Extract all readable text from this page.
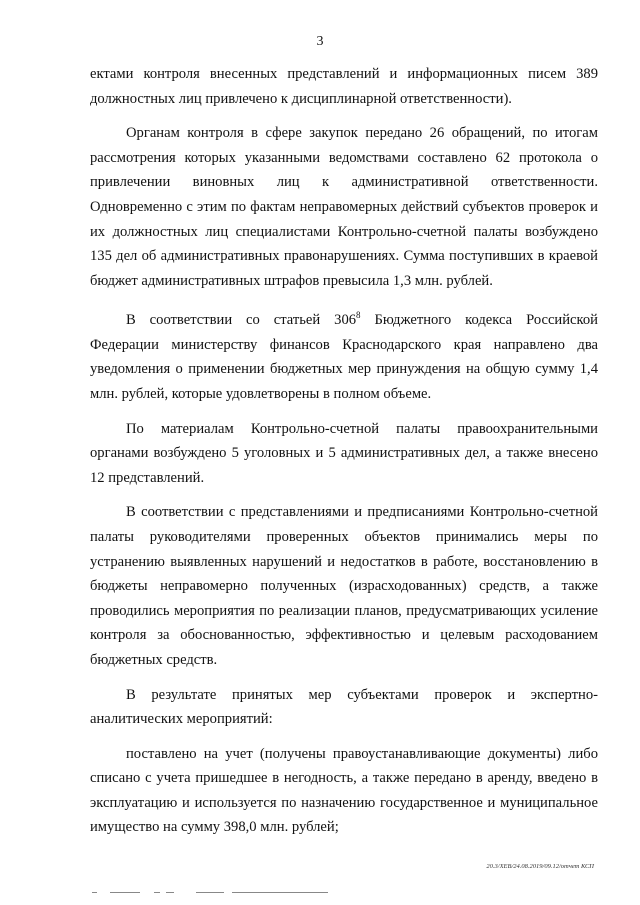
3

ектами контроля внесенных представлений и информационных писем 389 должностных лиц привлечено к дисциплинарной ответственности).

Органам контроля в сфере закупок передано 26 обращений, по итогам рассмотрения которых указанными ведомствами составлено 62 протокола о привлечении виновных лиц к административной ответственности. Одновременно с этим по фактам неправомерных действий субъектов проверок и их должностных лиц специалистами Контрольно-счетной палаты возбуждено 135 дел об административных правонарушениях. Сумма поступивших в краевой бюджет административных штрафов превысила 1,3 млн. рублей.

В соответствии со статьей $306^8$ Бюджетного кодекса Российской Федерации министерству финансов Краснодарского края направлено два уведомления о применении бюджетных мер принуждения на общую сумму 1,4 млн. рублей, которые удовлетворены в полном объеме.

По материалам Контрольно-счетной палаты правоохранительными органами возбуждено 5 уголовных и 5 административных дел, а также внесено 12 представлений.

В соответствии с представлениями и предписаниями Контрольно-счетной палаты руководителями проверенных объектов принимались меры по устранению выявленных нарушений и недостатков в работе, восстановлению в бюджеты неправомерно полученных (израсходованных) средств, а также проводились мероприятия по реализации планов, предусматривающих усиление контроля за обоснованностью, эффективностью и целевым расходованием бюджетных средств.

В результате принятых мер субъектами проверок и экспертно-аналитических мероприятий:

поставлено на учет (получены правоустанавливающие документы) либо списано с учета пришедшее в негодность, а также передано в аренду, введено в эксплуатацию и используется по назначению государственное и муниципальное имущество на сумму 398,0 млн. рублей;

20.3/ХЕВ/24.08.2019/09.12/отчет КСП
